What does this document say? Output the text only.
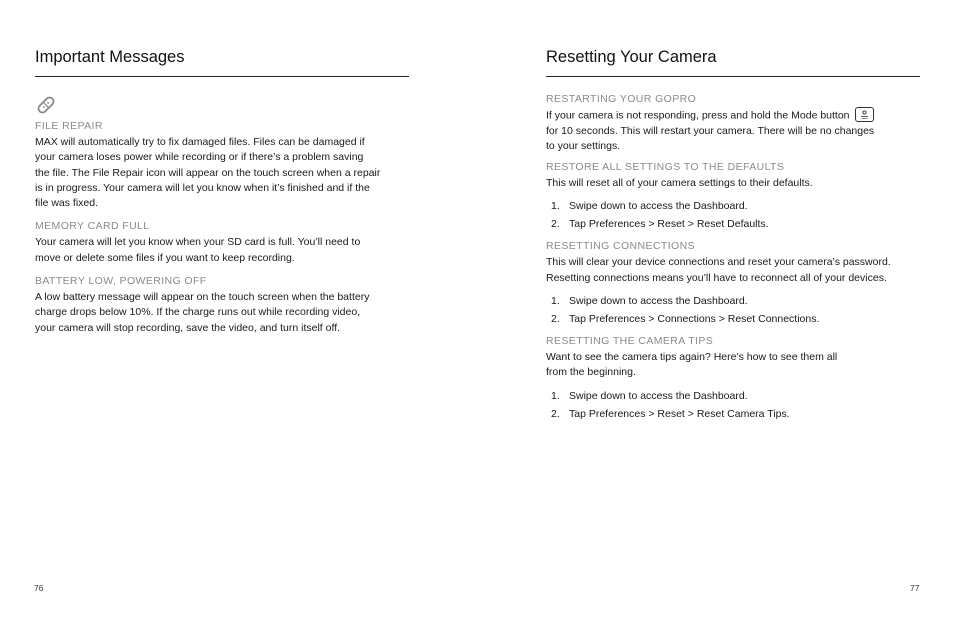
Important Messages
FILE REPAIR

MAX will automatically try to fix damaged files. Files can be damaged if
your camera loses power while recording or if there’s a problem saving
the file. The File Repair icon will appear on the touch screen when a repair
is in progress. Your camera will let you know when it’s finished and if the
file was fixed.

MEMORY CARD FULL

Your camera will let you know when your SD card is full. You’ll need to
move or delete some files if you want to keep recording.

BATTERY LOW, POWERING OFF

A low battery message will appear on the touch screen when the battery
charge drops below 10%. If the charge runs out while recording video,
your camera will stop recording, save the video, and turn itself off.

76
Resetting Your Camera
RESTARTING YOUR GOPRO

If your camera is not responding, press and hold the Mode button

for 10 seconds. This will restart your camera. There will be no changes
to your settings.

RESTORE ALL SETTINGS TO THE DEFAULTS

This will reset all of your camera settings to their defaults.

1. Swipe down to access the Dashboard.
2. Tap Preferences > Reset > Reset Defaults.
RESETTING CONNECTIONS

This will clear your device connections and reset your camera’s password.
Resetting connections means you’ll have to reconnect all of your devices.

1. Swipe down to access the Dashboard.
2. Tap Preferences > Connections > Reset Connections.
RESETTING THE CAMERA TIPS

Want to see the camera tips again? Here’s how to see them all
from the beginning.

1. Swipe down to access the Dashboard.
2. Tap Preferences > Reset > Reset Camera Tips.
77
